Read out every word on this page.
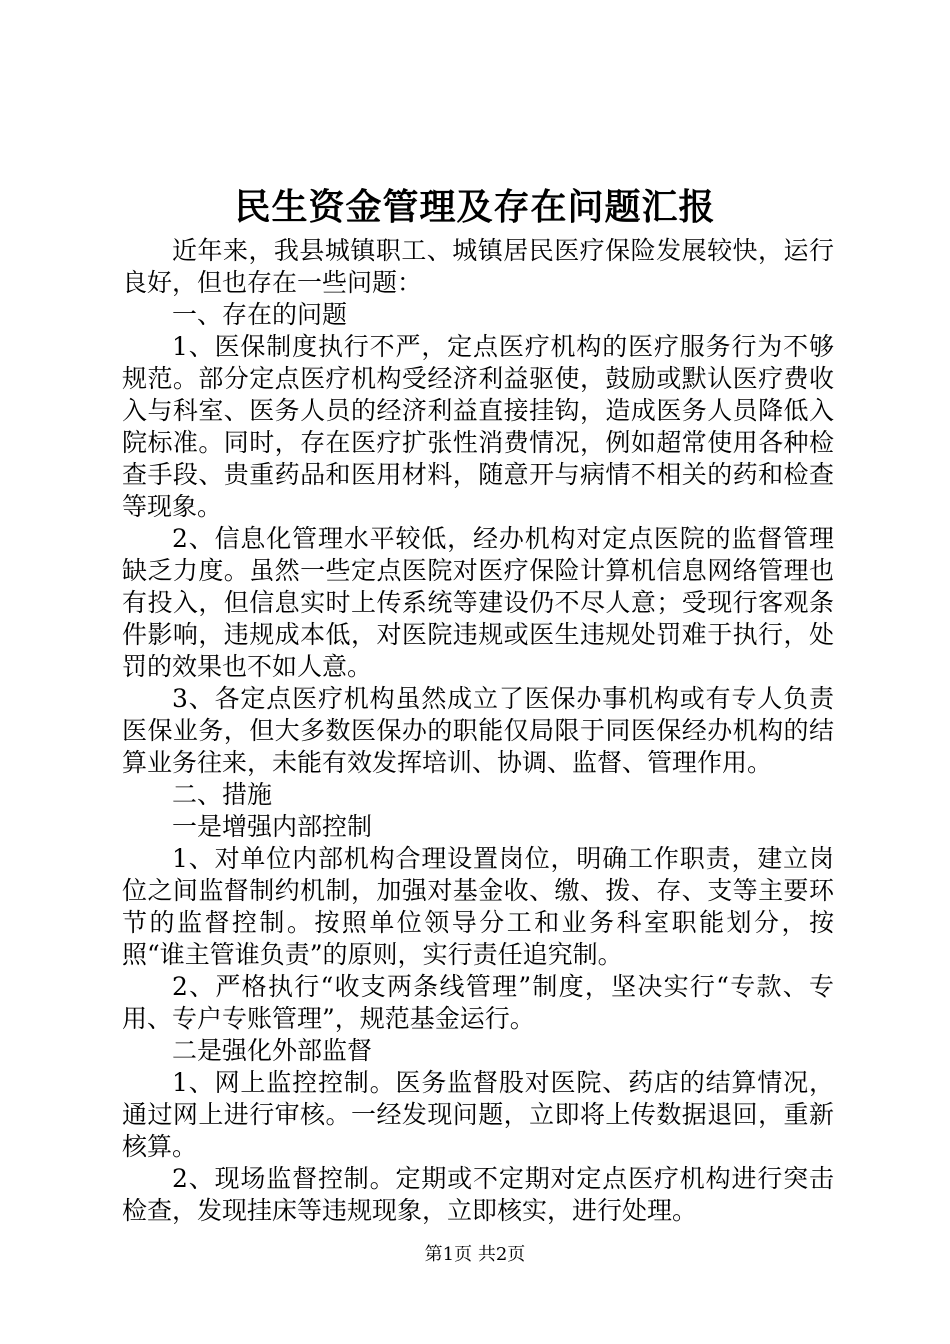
民生资金管理及存在问题汇报

近年来，我县城镇职工、城镇居民医疗保险发展较快，运行良好，但也存在一些问题：

一、存在的问题

1、医保制度执行不严，定点医疗机构的医疗服务行为不够规范。部分定点医疗机构受经济利益驱使，鼓励或默认医疗费收入与科室、医务人员的经济利益直接挂钩，造成医务人员降低入院标准。同时，存在医疗扩张性消费情况，例如超常使用各种检查手段、贵重药品和医用材料，随意开与病情不相关的药和检查等现象。

2、信息化管理水平较低，经办机构对定点医院的监督管理缺乏力度。虽然一些定点医院对医疗保险计算机信息网络管理也有投入，但信息实时上传系统等建设仍不尽人意；受现行客观条件影响，违规成本低，对医院违规或医生违规处罚难于执行，处罚的效果也不如人意。

3、各定点医疗机构虽然成立了医保办事机构或有专人负责医保业务，但大多数医保办的职能仅局限于同医保经办机构的结算业务往来，未能有效发挥培训、协调、监督、管理作用。

二、措施

一是增强内部控制

1、对单位内部机构合理设置岗位，明确工作职责，建立岗位之间监督制约机制，加强对基金收、缴、拨、存、支等主要环节的监督控制。按照单位领导分工和业务科室职能划分，按照“谁主管谁负责”的原则，实行责任追究制。

2、严格执行“收支两条线管理”制度，坚决实行“专款、专用、专户专账管理”，规范基金运行。

二是强化外部监督

1、网上监控控制。医务监督股对医院、药店的结算情况，通过网上进行审核。一经发现问题，立即将上传数据退回，重新核算。

2、现场监督控制。定期或不定期对定点医疗机构进行突击检查，发现挂床等违规现象，立即核实，进行处理。

第1页 共2页
